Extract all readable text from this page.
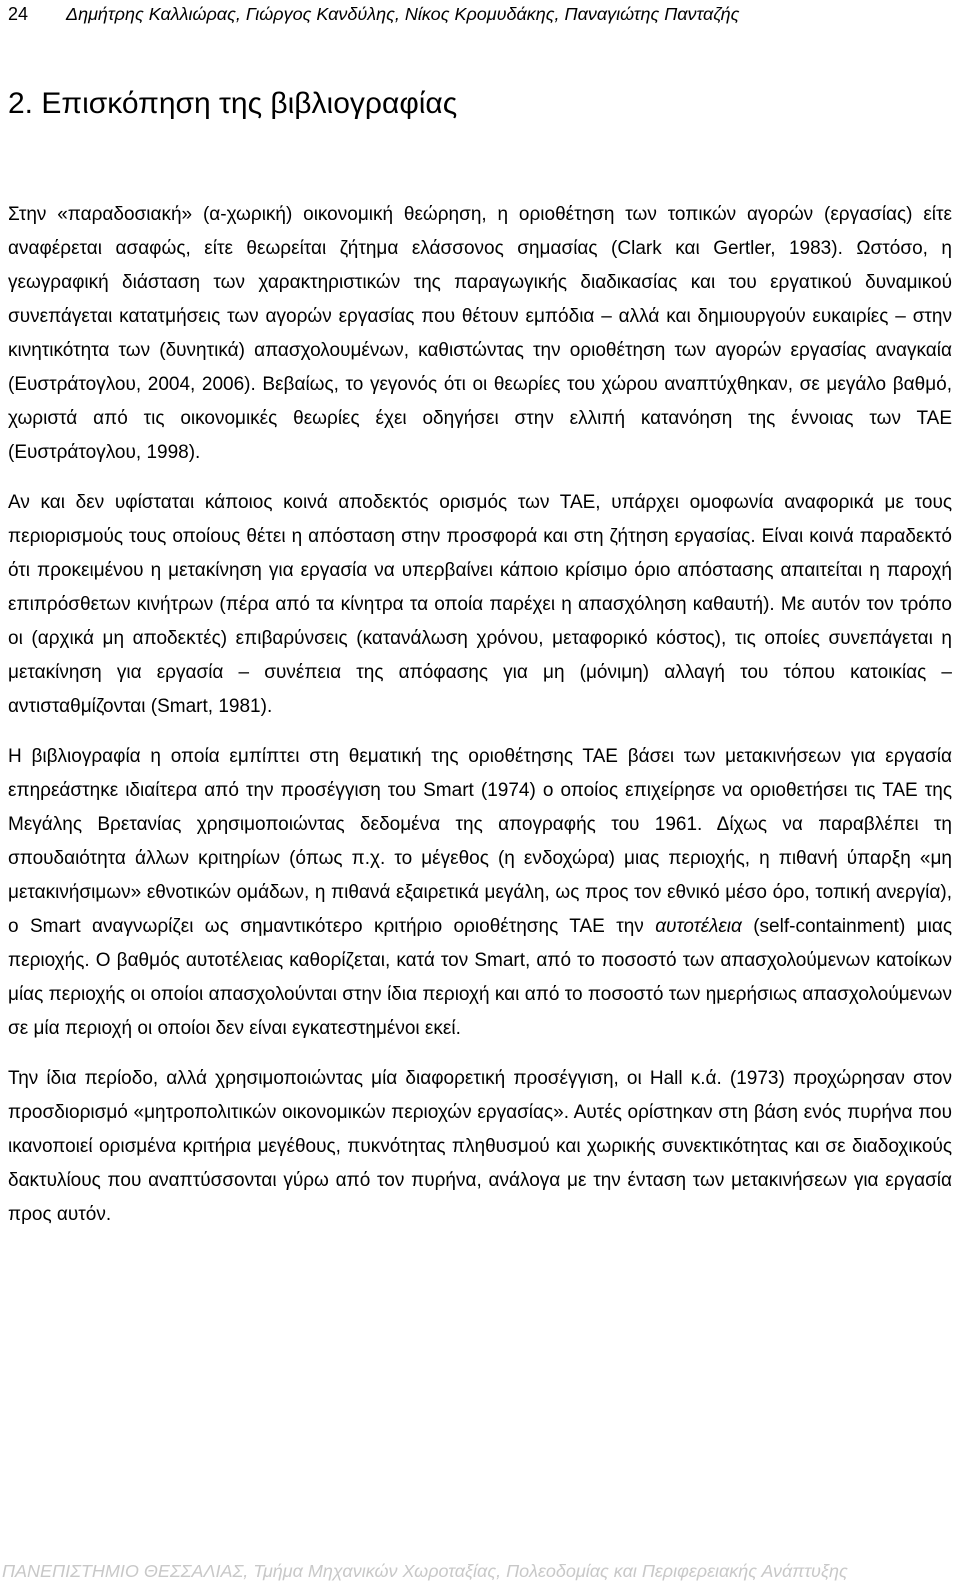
24 Δημήτρης Καλλιώρας, Γιώργος Κανδύλης, Νίκος Κρομυδάκης, Παναγιώτης Πανταζής
2. Επισκόπηση της βιβλιογραφίας

Στην «παραδοσιακή» (α-χωρική) οικονομική θεώρηση, η οριοθέτηση των τοπικών αγορών (εργασίας) είτε αναφέρεται ασαφώς, είτε θεωρείται ζήτημα ελάσσονος σημασίας (Clark και Gertler, 1983). Ωστόσο, η γεωγραφική διάσταση των χαρακτηριστικών της παραγωγικής διαδικασίας και του εργατικού δυναμικού συνεπάγεται κατατμήσεις των αγορών εργασίας που θέτουν εμπόδια – αλλά και δημιουργούν ευκαιρίες – στην κινητικότητα των (δυνητικά) απασχολουμένων, καθιστώντας την οριοθέτηση των αγορών εργασίας αναγκαία (Ευστράτογλου, 2004, 2006). Βεβαίως, το γεγονός ότι οι θεωρίες του χώρου αναπτύχθηκαν, σε μεγάλο βαθμό, χωριστά από τις οικονομικές θεωρίες έχει οδηγήσει στην ελλιπή κατανόηση της έννοιας των ΤΑΕ (Ευστράτογλου, 1998).

Αν και δεν υφίσταται κάποιος κοινά αποδεκτός ορισμός των ΤΑΕ, υπάρχει ομοφωνία αναφορικά με τους περιορισμούς τους οποίους θέτει η απόσταση στην προσφορά και στη ζήτηση εργασίας. Είναι κοινά παραδεκτό ότι προκειμένου η μετακίνηση για εργασία να υπερβαίνει κάποιο κρίσιμο όριο απόστασης απαιτείται η παροχή επιπρόσθετων κινήτρων (πέρα από τα κίνητρα τα οποία παρέχει η απασχόληση καθαυτή). Με αυτόν τον τρόπο οι (αρχικά μη αποδεκτές) επιβαρύνσεις (κατανάλωση χρόνου, μεταφορικό κόστος), τις οποίες συνεπάγεται η μετακίνηση για εργασία – συνέπεια της απόφασης για μη (μόνιμη) αλλαγή του τόπου κατοικίας – αντισταθμίζονται (Smart, 1981).

Η βιβλιογραφία η οποία εμπίπτει στη θεματική της οριοθέτησης ΤΑΕ βάσει των μετακινήσεων για εργασία επηρεάστηκε ιδιαίτερα από την προσέγγιση του Smart (1974) ο οποίος επιχείρησε να οριοθετήσει τις ΤΑΕ της Μεγάλης Βρετανίας χρησιμοποιώντας δεδομένα της απογραφής του 1961. Δίχως να παραβλέπει τη σπουδαιότητα άλλων κριτηρίων (όπως π.χ. το μέγεθος (η ενδοχώρα) μιας περιοχής, η πιθανή ύπαρξη «μη μετακινήσιμων» εθνοτικών ομάδων, η πιθανά εξαιρετικά μεγάλη, ως προς τον εθνικό μέσο όρο, τοπική ανεργία), ο Smart αναγνωρίζει ως σημαντικότερο κριτήριο οριοθέτησης ΤΑΕ την αυτοτέλεια (self-containment) μιας περιοχής. Ο βαθμός αυτοτέλειας καθορίζεται, κατά τον Smart, από το ποσοστό των απασχολούμενων κατοίκων μίας περιοχής οι οποίοι απασχολούνται στην ίδια περιοχή και από το ποσοστό των ημερήσιως απασχολούμενων σε μία περιοχή οι οποίοι δεν είναι εγκατεστημένοι εκεί.

Την ίδια περίοδο, αλλά χρησιμοποιώντας μία διαφορετική προσέγγιση, οι Hall κ.ά. (1973) προχώρησαν στον προσδιορισμό «μητροπολιτικών οικονομικών περιοχών εργασίας». Αυτές ορίστηκαν στη βάση ενός πυρήνα που ικανοποιεί ορισμένα κριτήρια μεγέθους, πυκνότητας πληθυσμού και χωρικής συνεκτικότητας και σε διαδοχικούς δακτυλίους που αναπτύσσονται γύρω από τον πυρήνα, ανάλογα με την ένταση των μετακινήσεων για εργασία προς αυτόν.

ΠΑΝΕΠΙΣΤΗΜΙΟ ΘΕΣΣΑΛΙΑΣ, Τμήμα Μηχανικών Χωροταξίας, Πολεοδομίας και Περιφερειακής Ανάπτυξης
